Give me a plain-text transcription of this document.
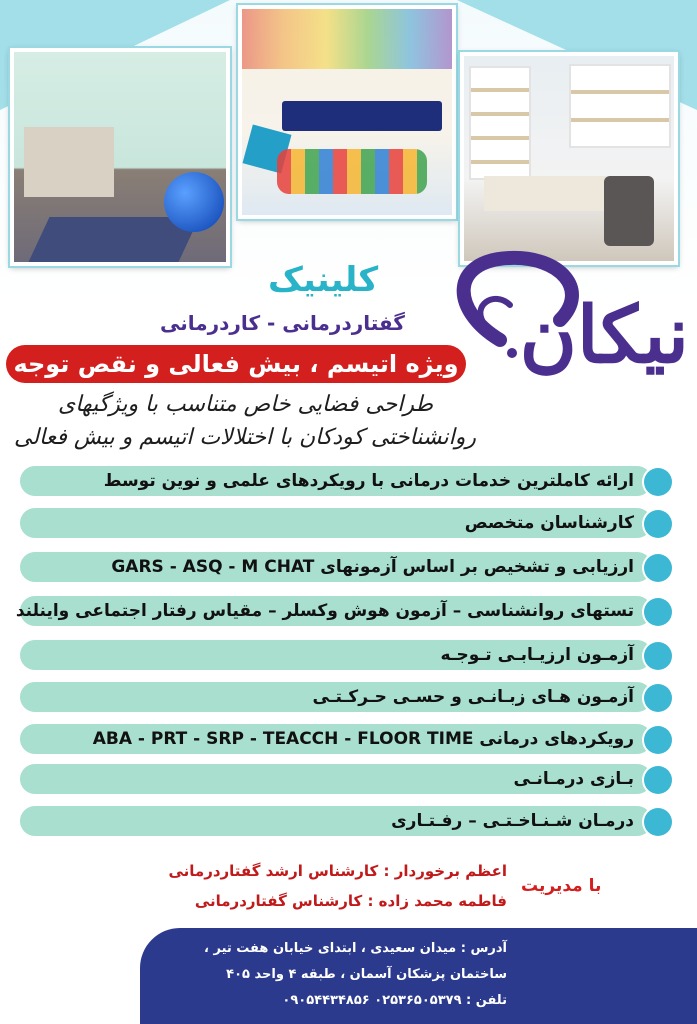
نیکان
کلینیک
گفتاردرمانی - کاردرمانی
ویژه اتیسم ، بیش فعالی و نقص توجه
طراحی فضایی خاص متناسب با ویژگیهای
روانشناختی کودکان با اختلالات اتیسم و بیش فعالی
ارائه کاملترین خدمات درمانی با رویکردهای علمی و نوین توسط
کارشناسان متخصص
ارزیابی و تشخیص بر اساس آزمونهای GARS - ASQ - M CHAT
تستهای روانشناسی – آزمون هوش وکسلر – مقیاس رفتار اجتماعی واینلند
آزمـون ارزیـابـی تـوجـه
آزمـون هـای زبـانـی و حسـی حـرکـتـی
رویکردهای درمانی ABA - PRT - SRP - TEACCH - FLOOR TIME
بـازی درمـانـی
درمـان شـنـاخـتـی – رفـتـاری
با مدیریت
اعظم برخوردار : کارشناس ارشد گفتاردرمانی
فاطمه محمد زاده : کارشناس گفتاردرمانی
آدرس : میدان سعیدی ، ابتدای خیابان هفت تیر ،
ساختمان پزشکان آسمان ، طبقه ۴ واحد ۴۰۵
تلفن : ۰۲۵۳۶۵۰۵۳۷۹ ۰۹۰۵۴۴۳۴۸۵۶
